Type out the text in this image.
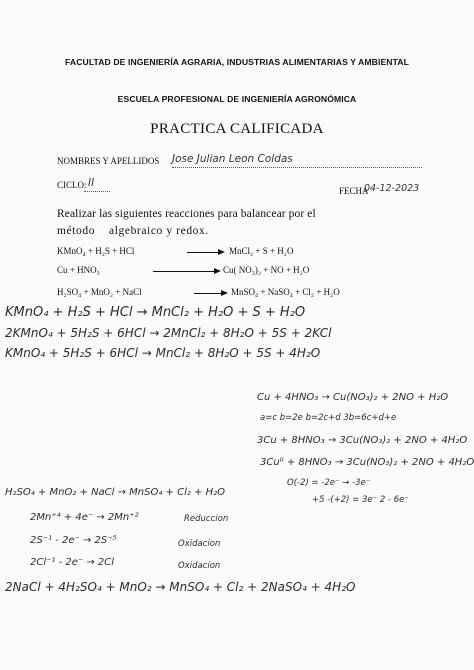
FACULTAD DE INGENIERÍA AGRARIA, INDUSTRIAS ALIMENTARIAS Y AMBIENTAL
ESCUELA PROFESIONAL DE INGENIERÍA AGRONÓMICA
PRACTICA CALIFICADA
NOMBRES Y APELLIDOS Jose Julian Leon Coldas
CICLO: II
FECHA
04-12-2023
Realizar las siguientes reacciones para balancear por el
método algebraico y redox.
KMnO₄ + H₂S + HCl	MnCl₂ + S + H₂O
Cu + HNO₃	Cu( NO₃)₂ + NO + H₂O
H₂SO₄ + MnO₂ + NaCl	MnSO₄ + NaSO₄ + Cl₂ + H₂O
KMnO₄ + H₂S + HCl → MnCl₂ + H₂O + S + H₂O
2KMnO₄ + 5H₂S + 6HCl → 2MnCl₂ + 8H₂O + 5S + 2KCl
KMnO₄ + 5H₂S + 6HCl → MnCl₂ + 8H₂O + 5S + 4H₂O
Cu + 4HNO₃ → Cu(NO₃)₂ + 2NO + H₂O
a=c b=2e b=2c+d 3b=6c+d+e
3Cu + 8HNO₃ → 3Cu(NO₃)₂ + 2NO + 4H₂O
3Cu⁰ + 8HNO₃ → 3Cu(NO₃)₂ + 2NO + 4H₂O
O(-2) = -2e⁻ → -3e⁻
+5 -(+2) = 3e⁻ 2 - 6e⁻
H₂SO₄ + MnO₂ + NaCl → MnSO₄ + Cl₂ + H₂O
2Mn⁺⁴ + 4e⁻ → 2Mn⁺²	Reduccion
2S⁻¹ - 2e⁻ → 2S⁻⁵	Oxidacion
2Cl⁻¹ - 2e⁻ → 2Cl	Oxidacion
2NaCl + 4H₂SO₄ + MnO₂ → MnSO₄ + Cl₂ + 2NaSO₄ + 4H₂O
